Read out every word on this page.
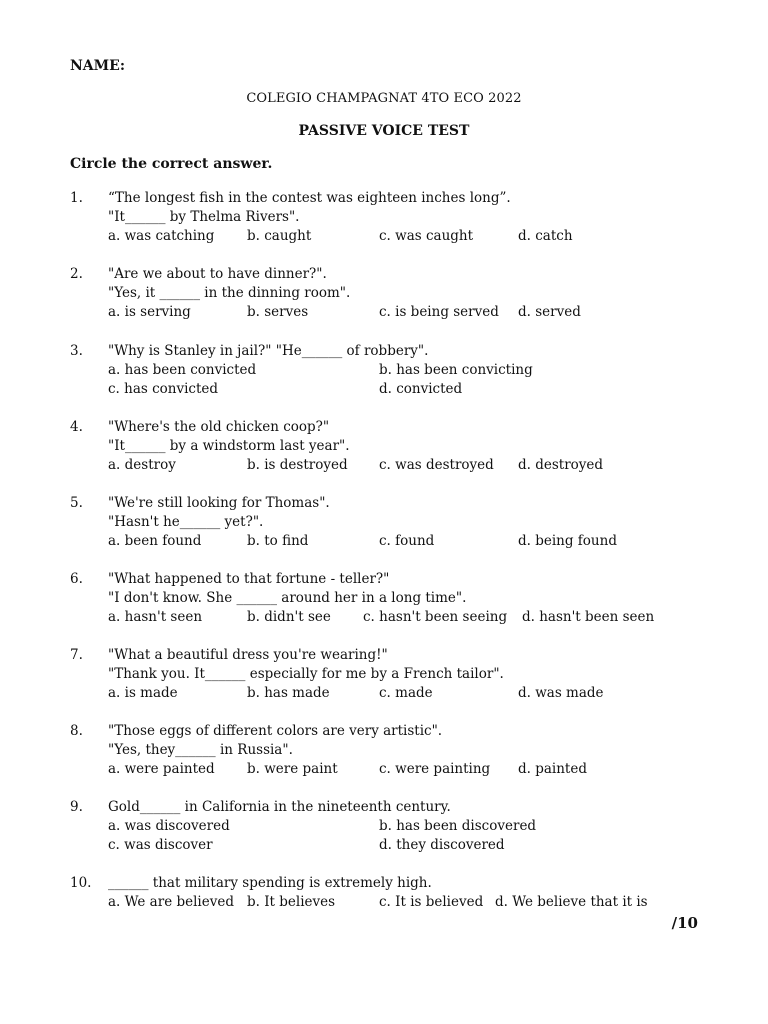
NAME:
COLEGIO CHAMPAGNAT 4TO ECO 2022
PASSIVE VOICE TEST
Circle the correct answer.
1. “The longest fish in the contest was eighteen inches long”.
"It______ by Thelma Rivers".
a. was catching b. caught	c. was caught	d. catch
2. "Are we about to have dinner?".
"Yes, it ______ in the dinning room".
a. is serving	b. serves	c. is being served d. served
3. "Why is Stanley in jail?" "He______ of robbery".
a. has been convicted	b. has been convicting
c. has convicted	d. convicted
4. "Where's the old chicken coop?"
"It______ by a windstorm last year".
a. destroy	b. is destroyed c. was destroyed d. destroyed
5. "We're still looking for Thomas".
"Hasn't he______ yet?".
a. been found	b. to find	c. found	d. being found
6. "What happened to that fortune - teller?"
"I don't know. She ______ around her in a long time".
a. hasn't seen	b. didn't see c. hasn't been seeing d. hasn't been seen
7. "What a beautiful dress you're wearing!"
"Thank you. It______ especially for me by a French tailor".
a. is made	b. has made	c. made	d. was made
8. "Those eggs of different colors are very artistic".
"Yes, they______ in Russia".
a. were painted b. were paint	c. were painting d. painted
9. Gold______ in California in the nineteenth century.
a. was discovered	b. has been discovered
c. was discover	d. they discovered
10. ______ that military spending is extremely high.
a. We are believed b. It believes	c. It is believed d. We believe that it is
/10
